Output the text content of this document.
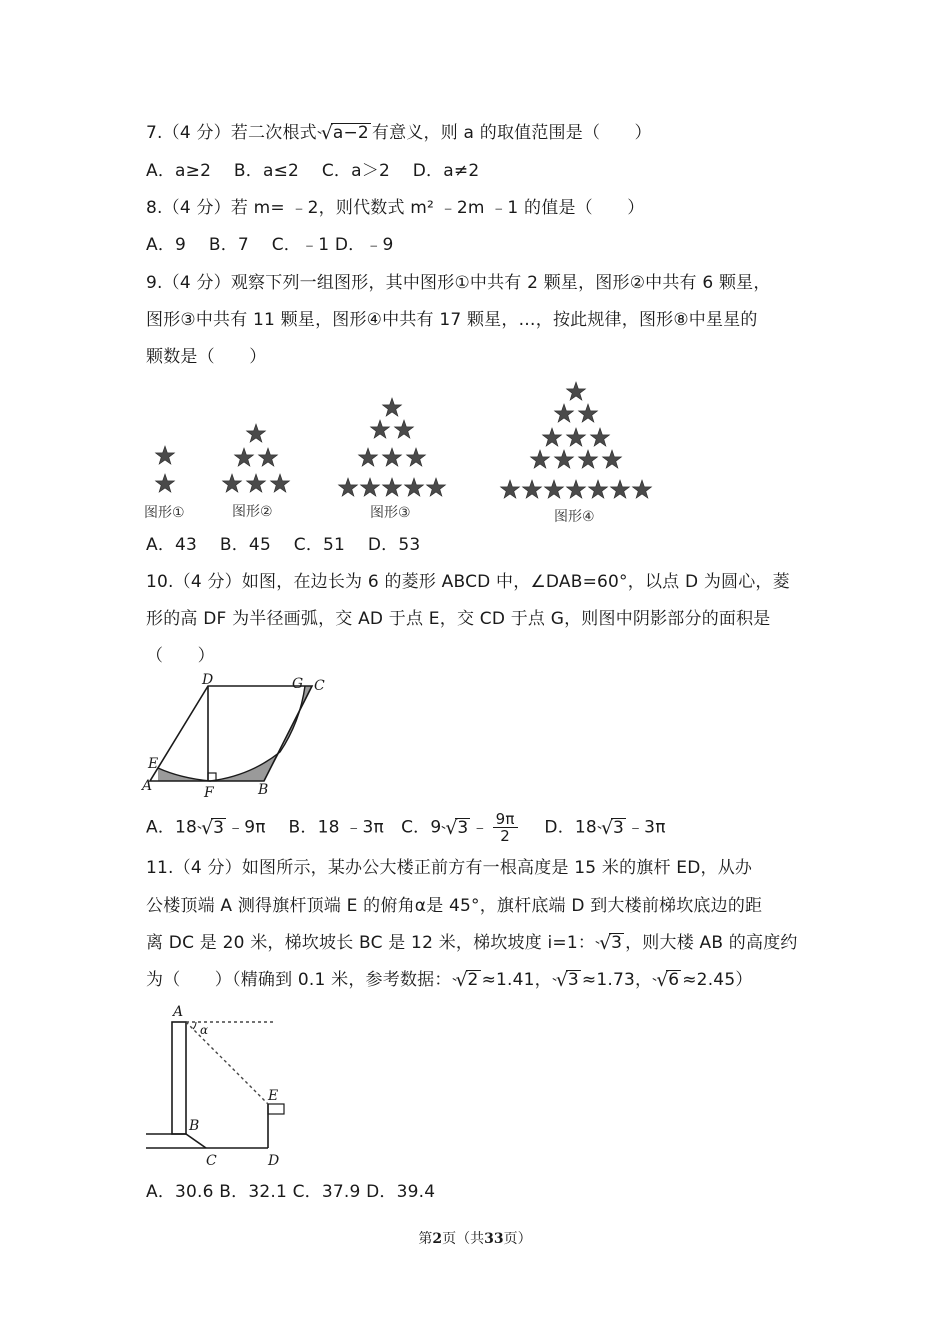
7.（4 分）若二次根式 √ a−2 有意义，则 a 的取值范围是（　　）
A．a≥2　 B．a≤2　 C．a＞2　 D．a≠2
8.（4 分）若 m= ﹣2，则代数式 m² ﹣2m ﹣1 的值是（　　）
A．9　 B．7　 C．﹣1 D．﹣9
9.（4 分）观察下列一组图形，其中图形①中共有 2 颗星，图形②中共有 6 颗星，
图形③中共有 11 颗星，图形④中共有 17 颗星，…，按此规律，图形⑧中星星的
颗数是（　　）
图形①	图形②	图形③	图形④
A．43　 B．45　 C．51　 D．53
10.（4 分）如图，在边长为 6 的菱形 ABCD 中，∠DAB=60°，以点 D 为圆心，菱
形的高 DF 为半径画弧，交 AD 于点 E，交 CD 于点 G，则图中阴影部分的面积是
（　　）
D	G C
E
A	F	B
A．18 √ 3 ﹣9π　 B．18 ﹣3π　C．9 √ 3 ﹣ $\frac{9\pi}{2}$
　 D．18 √ 3 ﹣3π
11.（4 分）如图所示，某办公大楼正前方有一根高度是 15 米的旗杆 ED，从办
公楼顶端 A 测得旗杆顶端 E 的俯角α是 45°，旗杆底端 D 到大楼前梯坎底边的距
离 DC 是 20 米，梯坎坡长 BC 是 12 米，梯坎坡度 i=1： √ 3 ，则大楼 AB 的高度约
为（　　）（精确到 0.1 米，参考数据： √ 2 ≈1.41， √ 3 ≈1.73， √ 6 ≈2.45）
A
α
E
B
C	D
A．30.6 B．32.1 C．37.9 D．39.4
第2页（共33页）
